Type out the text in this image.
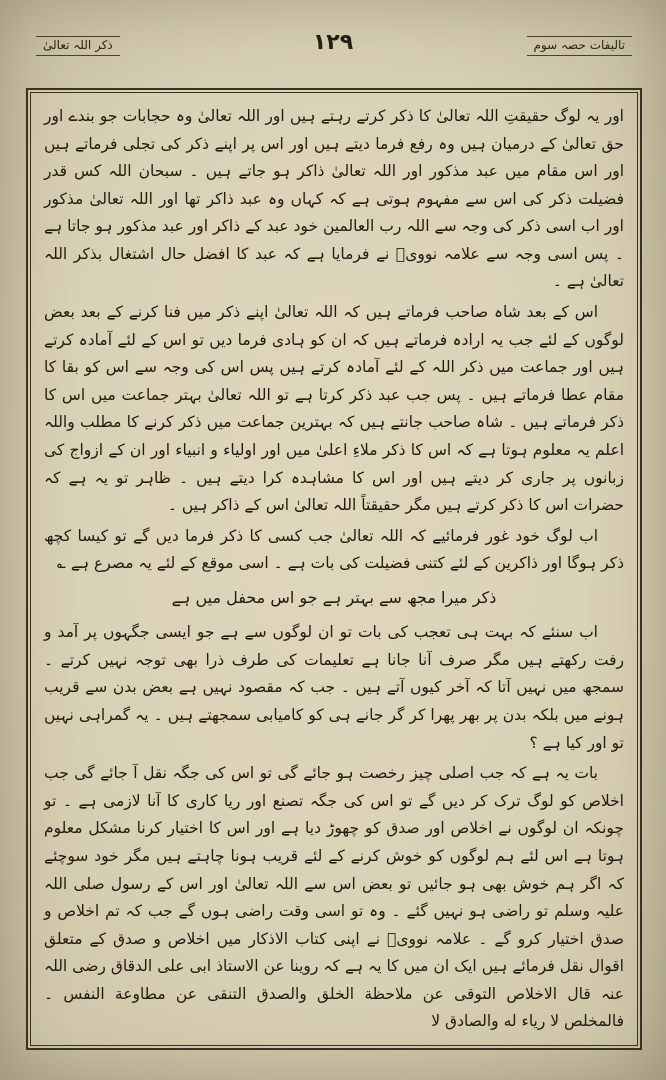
تالیفات حصہ سوم
۱۲۹
ذکر اللہ تعالیٰ

اور یہ لوگ حقیقتِ اللہ تعالیٰ کا ذکر کرتے رہتے ہیں اور اللہ تعالیٰ وہ حجابات جو بندے اور حق تعالیٰ کے درمیان ہیں وہ رفع فرما دیتے ہیں اور اس پر اپنے ذکر کی تجلی فرماتے ہیں اور اس مقام میں عبد مذکور اور اللہ تعالیٰ ذاکر ہو جاتے ہیں ۔ سبحان اللہ کس قدر فضیلت ذکر کی اس سے مفہوم ہوتی ہے کہ کہاں وہ عبد ذاکر تھا اور اللہ تعالیٰ مذکور اور اب اسی ذکر کی وجہ سے اللہ رب العالمین خود عبد کے ذاکر اور عبد مذکور ہو جاتا ہے ۔ پس اسی وجہ سے علامہ نوویؒ نے فرمایا ہے کہ عبد کا افضل حال اشتغال بذکر اللہ تعالیٰ ہے ۔

اس کے بعد شاہ صاحب فرماتے ہیں کہ اللہ تعالیٰ اپنے ذکر میں فنا کرنے کے بعد بعض لوگوں کے لئے جب یہ ارادہ فرماتے ہیں کہ ان کو ہادی فرما دیں تو اس کے لئے آمادہ کرتے ہیں اور جماعت میں ذکر اللہ کے لئے آمادہ کرتے ہیں پس اس کی وجہ سے اس کو بقا کا مقام عطا فرماتے ہیں ۔ پس جب عبد ذکر کرتا ہے تو اللہ تعالیٰ بہتر جماعت میں اس کا ذکر فرماتے ہیں ۔ شاہ صاحب جانتے ہیں کہ بہترین جماعت میں ذکر کرنے کا مطلب واللہ اعلم یہ معلوم ہوتا ہے کہ اس کا ذکر ملاءِ اعلیٰ میں اور اولیاء و انبیاء اور ان کے ازواج کی زبانوں پر جاری کر دیتے ہیں اور اس کا مشاہدہ کرا دیتے ہیں ۔ ظاہر تو یہ ہے کہ حضرات اس کا ذکر کرتے ہیں مگر حقیقتاً اللہ تعالیٰ اس کے ذاکر ہیں ۔

اب لوگ خود غور فرمائیے کہ اللہ تعالیٰ جب کسی کا ذکر فرما دیں گے تو کیسا کچھ ذکر ہوگا اور ذاکرین کے لئے کتنی فضیلت کی بات ہے ۔ اسی موقع کے لئے یہ مصرع ہے ؎

ذکر میرا مجھ سے بہتر ہے جو اس محفل میں ہے

اب سنئے کہ بہت ہی تعجب کی بات تو ان لوگوں سے ہے جو ایسی جگہوں پر آمد و رفت رکھتے ہیں مگر صرف آنا جانا ہے تعلیمات کی طرف ذرا بھی توجہ نہیں کرتے ۔ سمجھ میں نہیں آتا کہ آخر کیوں آتے ہیں ۔ جب کہ مقصود نہیں ہے بعض بدن سے قریب ہونے میں بلکہ بدن پر بھر پھرا کر گر جانے ہی کو کامیابی سمجھتے ہیں ۔ یہ گمراہی نہیں تو اور کیا ہے ؟

بات یہ ہے کہ جب اصلی چیز رخصت ہو جائے گی تو اس کی جگہ نقل آ جائے گی جب اخلاص کو لوگ ترک کر دیں گے تو اس کی جگہ تصنع اور ریا کاری کا آنا لازمی ہے ۔ تو چونکہ ان لوگوں نے اخلاص اور صدق کو چھوڑ دیا ہے اور اس کا اختیار کرنا مشکل معلوم ہوتا ہے اس لئے ہم لوگوں کو خوش کرنے کے لئے قریب ہونا چاہتے ہیں مگر خود سوچئے کہ اگر ہم خوش بھی ہو جائیں تو بعض اس سے اللہ تعالیٰ اور اس کے رسول صلی اللہ علیہ وسلم تو راضی ہو نہیں گئے ۔ وہ تو اسی وقت راضی ہوں گے جب کہ تم اخلاص و صدق اختیار کرو گے ۔ علامہ نوویؒ نے اپنی کتاب الاذکار میں اخلاص و صدق کے متعلق اقوال نقل فرمائے ہیں ایک ان میں کا یہ ہے کہ روینا عن الاستاذ ابی علی الدقاق رضی اللہ عنہ قال الاخلاص التوقی عن ملاحظة الخلق والصدق التنقی عن مطاوعة النفس ۔ فالمخلص لا ریاء له والصادق لا
